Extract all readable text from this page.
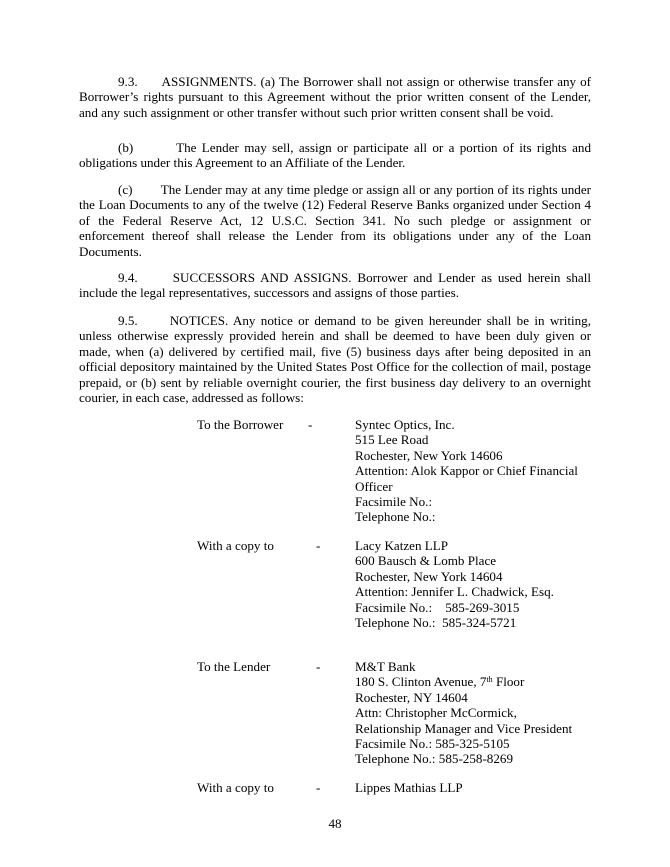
9.3.      ASSIGNMENTS. (a) The Borrower shall not assign or otherwise transfer any of
Borrower’s rights pursuant to this Agreement without the prior written consent of the Lender,
and any such assignment or other transfer without such prior written consent shall be void.
(b)        The Lender may sell, assign or participate all or a portion of its rights and
obligations under this Agreement to an Affiliate of the Lender.
(c)        The Lender may at any time pledge or assign all or any portion of its rights under
the Loan Documents to any of the twelve (12) Federal Reserve Banks organized under Section 4
of the Federal Reserve Act, 12 U.S.C. Section 341. No such pledge or assignment or
enforcement thereof shall release the Lender from its obligations under any of the Loan
Documents.
9.4.      SUCCESSORS AND ASSIGNS. Borrower and Lender as used herein shall
include the legal representatives, successors and assigns of those parties.
9.5.      NOTICES. Any notice or demand to be given hereunder shall be in writing,
unless otherwise expressly provided herein and shall be deemed to have been duly given or
made, when (a) delivered by certified mail, five (5) business days after being deposited in an
official depository maintained by the United States Post Office for the collection of mail, postage
prepaid, or (b) sent by reliable overnight courier, the first business day delivery to an overnight
courier, in each case, addressed as follows:
To the Borrower -	Syntec Optics, Inc.
515 Lee Road
Rochester, New York 14606
Attention: Alok Kappor or Chief Financial
Officer
Facsimile No.:
Telephone No.:
With a copy to	-	Lacy Katzen LLP
600 Bausch & Lomb Place
Rochester, New York 14604
Attention: Jennifer L. Chadwick, Esq.
Facsimile No.:    585-269-3015
Telephone No.:  585-324-5721
To the Lender	-	M&T Bank
180 S. Clinton Avenue, 7th Floor
Rochester, NY 14604
Attn: Christopher McCormick,
Relationship Manager and Vice President
Facsimile No.: 585-325-5105
Telephone No.: 585-258-8269
With a copy to	-	Lippes Mathias LLP
48
